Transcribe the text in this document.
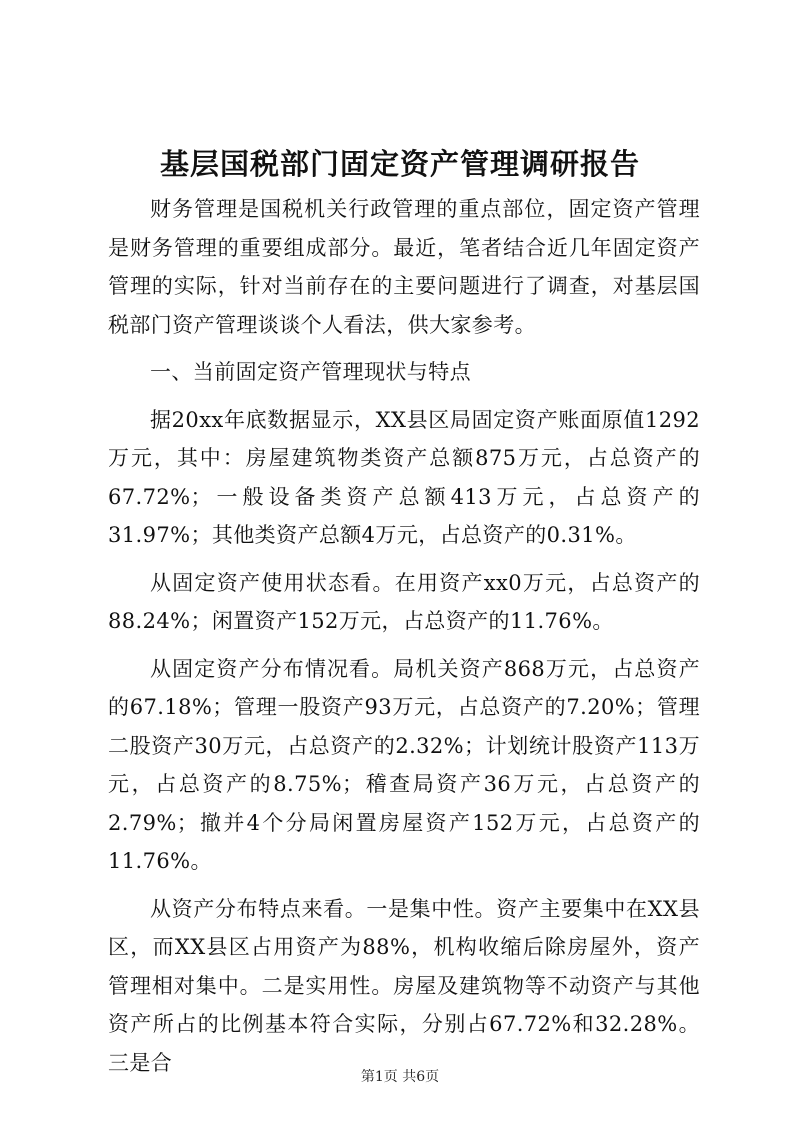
基层国税部门固定资产管理调研报告

财务管理是国税机关行政管理的重点部位，固定资产管理是财务管理的重要组成部分。最近，笔者结合近几年固定资产管理的实际，针对当前存在的主要问题进行了调查，对基层国税部门资产管理谈谈个人看法，供大家参考。

一、当前固定资产管理现状与特点

据20xx年底数据显示，XX县区局固定资产账面原值1292万元，其中：房屋建筑物类资产总额875万元，占总资产的67.72%；一般设备类资产总额413万元，占总资产的31.97%；其他类资产总额4万元，占总资产的0.31%。

从固定资产使用状态看。在用资产xx0万元，占总资产的88.24%；闲置资产152万元，占总资产的11.76%。

从固定资产分布情况看。局机关资产868万元，占总资产的67.18%；管理一股资产93万元，占总资产的7.20%；管理二股资产30万元，占总资产的2.32%；计划统计股资产113万元，占总资产的8.75%；稽查局资产36万元，占总资产的2.79%；撤并4个分局闲置房屋资产152万元，占总资产的11.76%。

从资产分布特点来看。一是集中性。资产主要集中在XX县区，而XX县区占用资产为88%，机构收缩后除房屋外，资产管理相对集中。二是实用性。房屋及建筑物等不动资产与其他资产所占的比例基本符合实际，分别占67.72%和32.28%。三是合

第1页 共6页
